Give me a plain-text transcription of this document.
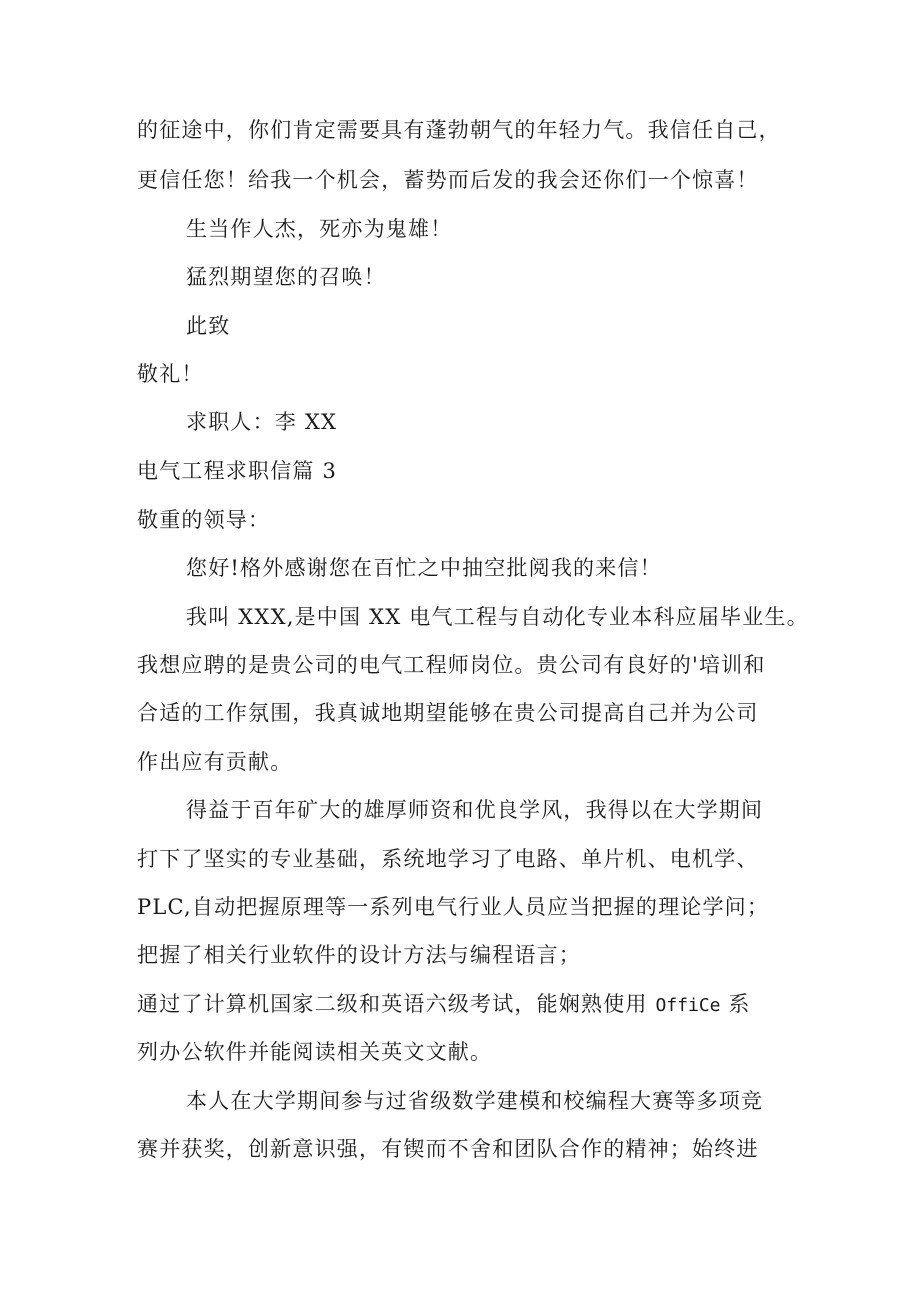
的征途中，你们肯定需要具有蓬勃朝气的年轻力气。我信任自己，
更信任您！给我一个机会，蓄势而后发的我会还你们一个惊喜！
生当作人杰，死亦为鬼雄！
猛烈期望您的召唤！
此致
敬礼！
求职人：李 XX
电气工程求职信篇 3
敬重的领导：
您好!格外感谢您在百忙之中抽空批阅我的来信！
我叫 XXX,是中国 XX 电气工程与自动化专业本科应届毕业生。
我想应聘的是贵公司的电气工程师岗位。贵公司有良好的'培训和
合适的工作氛围，我真诚地期望能够在贵公司提高自己并为公司
作出应有贡献。
得益于百年矿大的雄厚师资和优良学风，我得以在大学期间
打下了坚实的专业基础，系统地学习了电路、单片机、电机学、
PLC,自动把握原理等一系列电气行业人员应当把握的理论学问；
把握了相关行业软件的设计方法与编程语言；
通过了计算机国家二级和英语六级考试，能娴熟使用 OffiCe 系
列办公软件并能阅读相关英文文献。
本人在大学期间参与过省级数学建模和校编程大赛等多项竞
赛并获奖，创新意识强，有锲而不舍和团队合作的精神；始终进
